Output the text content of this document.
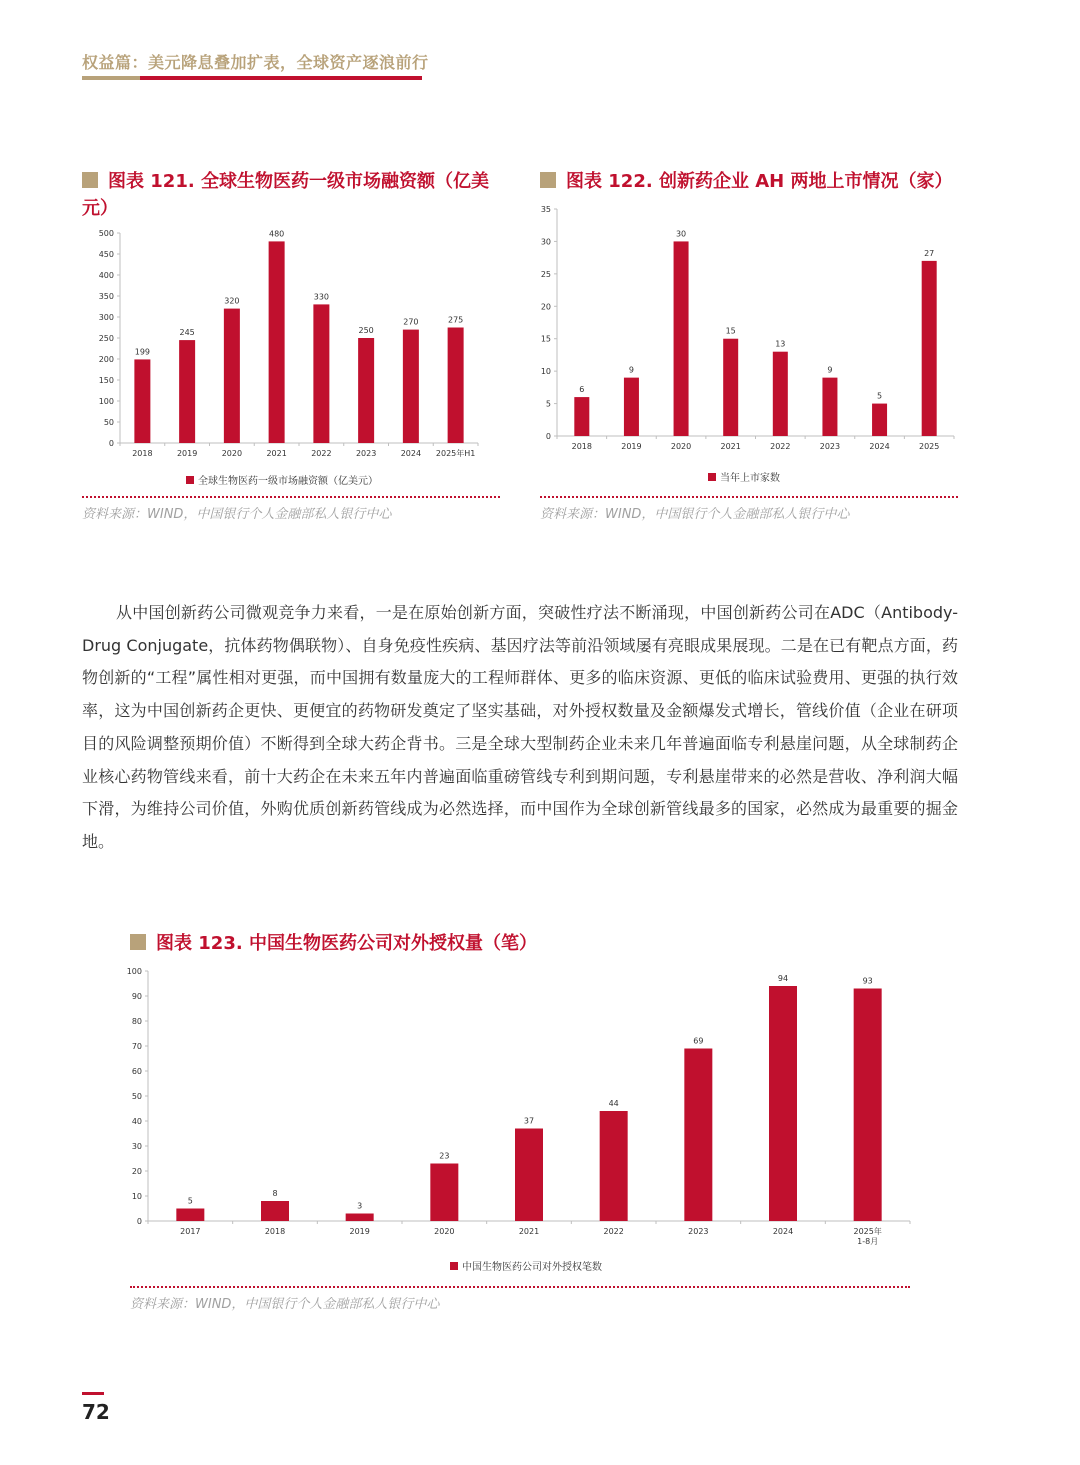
权益篇：美元降息叠加扩表，全球资产逐浪前行
图表 121. 全球生物医药一级市场融资额（亿美元）
0
50
100
150
200
250
300
350
400
450
500
199
2018
245
2019
320
2020
480
2021
330
2022
250
2023
270
2024
275
2025年H1
全球生物医药一级市场融资额（亿美元）
资料来源：WIND，中国银行个人金融部私人银行中心
图表 122. 创新药企业 AH 两地上市情况（家）
0
5
10
15
20
25
30
35
6
2018
9
2019
30
2020
15
2021
13
2022
9
2023
5
2024
27
2025
当年上市家数
资料来源：WIND，中国银行个人金融部私人银行中心
从中国创新药公司微观竞争力来看，一是在原始创新方面，突破性疗法不断涌现，中国创新药公司在ADC（Antibody-Drug Conjugate，抗体药物偶联物）、自身免疫性疾病、基因疗法等前沿领域屡有亮眼成果展现。二是在已有靶点方面，药物创新的“工程”属性相对更强，而中国拥有数量庞大的工程师群体、更多的临床资源、更低的临床试验费用、更强的执行效率，这为中国创新药企更快、更便宜的药物研发奠定了坚实基础，对外授权数量及金额爆发式增长，管线价值（企业在研项目的风险调整预期价值）不断得到全球大药企背书。三是全球大型制药企业未来几年普遍面临专利悬崖问题，从全球制药企业核心药物管线来看，前十大药企在未来五年内普遍面临重磅管线专利到期问题，专利悬崖带来的必然是营收、净利润大幅下滑，为维持公司价值，外购优质创新药管线成为必然选择，而中国作为全球创新管线最多的国家，必然成为最重要的掘金地。
图表 123. 中国生物医药公司对外授权量（笔）
0
10
20
30
40
50
60
70
80
90
100
5
2017
8
2018
3
2019
23
2020
37
2021
44
2022
69
2023
94
2024
93
2025年
1-8月
中国生物医药公司对外授权笔数
资料来源：WIND，中国银行个人金融部私人银行中心
72
